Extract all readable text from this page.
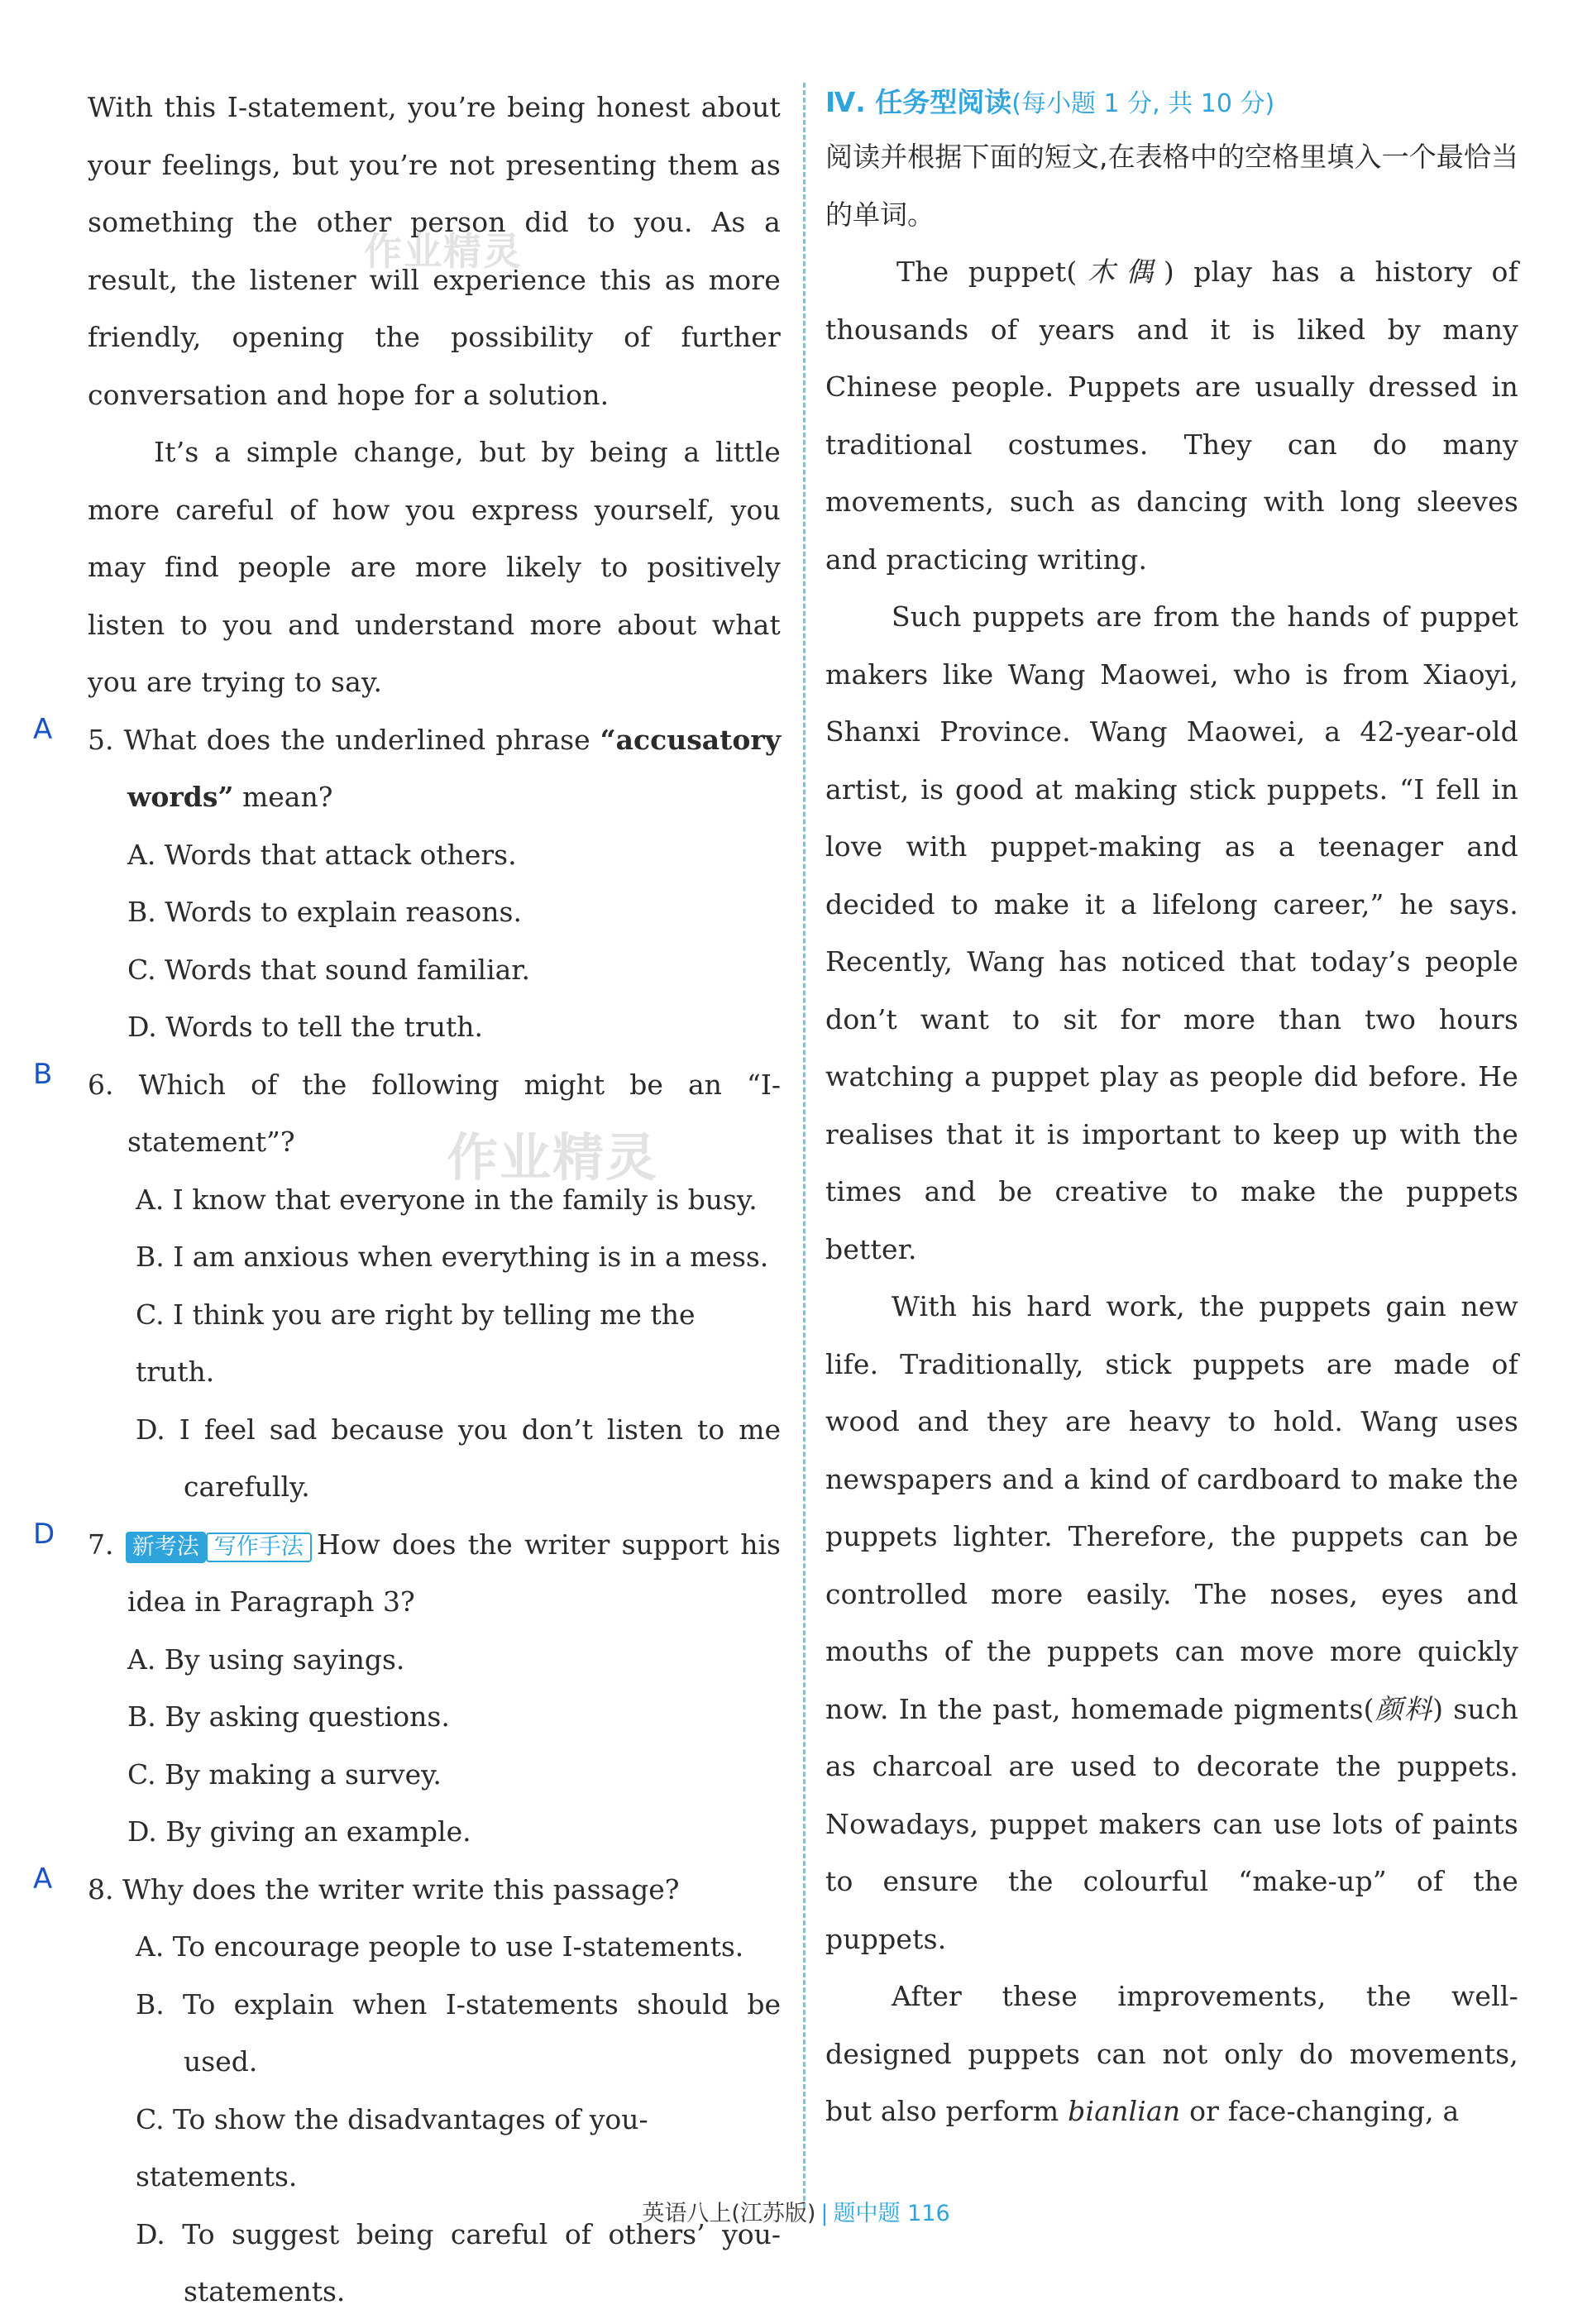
With this I-statement, you’re being honest about your feelings, but you’re not presenting them as something the other person did to you. As a result, the listener will experience this as more friendly, opening the possibility of further conversation and hope for a solution.

It’s a simple change, but by being a little more careful of how you express yourself, you may find people are more likely to positively listen to you and understand more about what you are trying to say.

A 5. What does the underlined phrase “accusatory words” mean?

A. Words that attack others.

B. Words to explain reasons.

C. Words that sound familiar.

D. Words to tell the truth.

B 6. Which of the following might be an “I-statement”?

A. I know that everyone in the family is busy.

B. I am anxious when everything is in a mess.

C. I think you are right by telling me the truth.

D. I feel sad because you don’t listen to me carefully.

D 7. 新考法 写作手法 How does the writer support his idea in Paragraph 3?

A. By using sayings.

B. By asking questions.

C. By making a survey.

D. By giving an example.

A 8. Why does the writer write this passage?

A. To encourage people to use I-statements.

B. To explain when I-statements should be used.

C. To show the disadvantages of you-statements.

D. To suggest being careful of others’ you-statements.

Ⅳ. 任务型阅读(每小题 1 分, 共 10 分)

阅读并根据下面的短文,在表格中的空格里填入一个最恰当的单词。

The puppet(木偶) play has a history of thousands of years and it is liked by many Chinese people. Puppets are usually dressed in traditional costumes. They can do many movements, such as dancing with long sleeves and practicing writing.

Such puppets are from the hands of puppet makers like Wang Maowei, who is from Xiaoyi, Shanxi Province. Wang Maowei, a 42-year-old artist, is good at making stick puppets. “I fell in love with puppet-making as a teenager and decided to make it a lifelong career,” he says. Recently, Wang has noticed that today’s people don’t want to sit for more than two hours watching a puppet play as people did before. He realises that it is important to keep up with the times and be creative to make the puppets better.

With his hard work, the puppets gain new life. Traditionally, stick puppets are made of wood and they are heavy to hold. Wang uses newspapers and a kind of cardboard to make the puppets lighter. Therefore, the puppets can be controlled more easily. The noses, eyes and mouths of the puppets can move more quickly now. In the past, homemade pigments(颜料) such as charcoal are used to decorate the puppets. Nowadays, puppet makers can use lots of paints to ensure the colourful “make-up” of the puppets.

After these improvements, the well-designed puppets can not only do movements, but also perform bianlian or face-changing, a

作业精灵
作业精灵
英语八上(江苏版) | 题中题 116
